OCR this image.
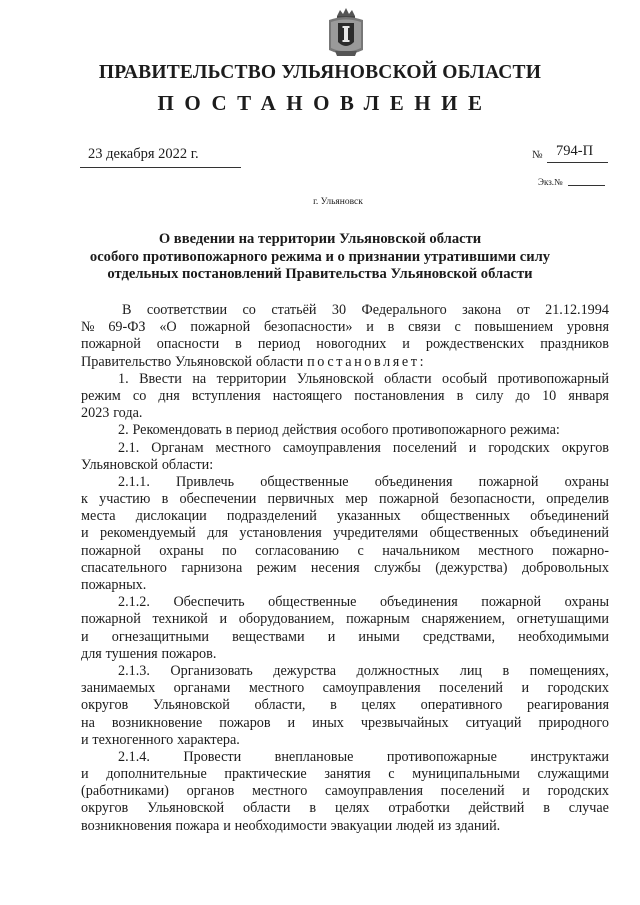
ПРАВИТЕЛЬСТВО УЛЬЯНОВСКОЙ ОБЛАСТИ
ПОСТАНОВЛЕНИЕ
23 декабря 2022 г.	№ 794-П
Экз.№
г. Ульяновск
О введении на территории Ульяновской области
особого противопожарного режима и о признании утратившими силу
отдельных постановлений Правительства Ульяновской области
В соответствии со статьёй 30 Федерального закона от 21.12.1994
№ 69-ФЗ «О пожарной безопасности» и в связи с повышением уровня
пожарной опасности в период новогодних и рождественских праздников
Правительство Ульяновской области постановляет:
1. Ввести на территории Ульяновской области особый противопожарный
режим со дня вступления настоящего постановления в силу до 10 января
2023 года.
2. Рекомендовать в период действия особого противопожарного режима:
2.1. Органам местного самоуправления поселений и городских округов
Ульяновской области:
2.1.1. Привлечь общественные объединения пожарной охраны
к участию в обеспечении первичных мер пожарной безопасности, определив
места дислокации подразделений указанных общественных объединений
и рекомендуемый для установления учредителями общественных объединений
пожарной охраны по согласованию с начальником местного пожарно-
спасательного гарнизона режим несения службы (дежурства) добровольных
пожарных.
2.1.2. Обеспечить общественные объединения пожарной охраны
пожарной техникой и оборудованием, пожарным снаряжением, огнетушащими
и огнезащитными веществами и иными средствами, необходимыми
для тушения пожаров.
2.1.3. Организовать дежурства должностных лиц в помещениях,
занимаемых органами местного самоуправления поселений и городских
округов Ульяновской области, в целях оперативного реагирования
на возникновение пожаров и иных чрезвычайных ситуаций природного
и техногенного характера.
2.1.4. Провести внеплановые противопожарные инструктажи
и дополнительные практические занятия с муниципальными служащими
(работниками) органов местного самоуправления поселений и городских
округов Ульяновской области в целях отработки действий в случае
возникновения пожара и необходимости эвакуации людей из зданий.
